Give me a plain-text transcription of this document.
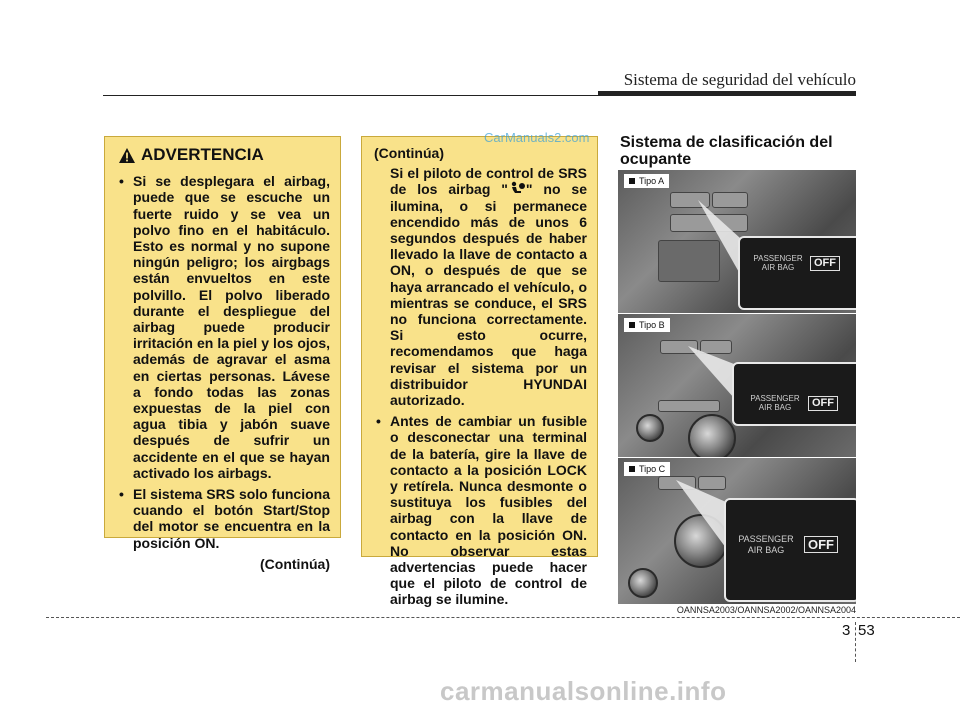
Sistema de seguridad del vehículo
ADVERTENCIA
• Si se desplegara el airbag, puede que se escuche un fuerte ruido y se vea un polvo fino en el habitáculo. Esto es normal y no supone ningún peligro; los airgbags están envueltos en este polvillo. El polvo liberado durante el despliegue del airbag puede producir irritación en la piel y los ojos, además de agravar el asma en ciertas personas. Lávese a fondo todas las zonas expuestas de la piel con agua tibia y jabón suave después de sufrir un accidente en el que se hayan activado los airbags.
• El sistema SRS solo funciona cuando el botón Start/Stop del motor se encuentra en la posición ON.
(Continúa)
(Continúa)
Si el piloto de control de SRS de los airbag " " no se ilumina, o si permanece encendido más de unos 6 segundos después de haber llevado la llave de contacto a ON, o después de que se haya arrancado el vehículo, o mientras se conduce, el SRS no funciona correctamente. Si esto ocurre, recomendamos que haga revisar el sistema por un distribuidor HYUNDAI autorizado.
• Antes de cambiar un fusible o desconectar una terminal de la batería, gire la llave de contacto a la posición LOCK y retírela. Nunca desmonte o sustituya los fusibles del airbag con la llave de contacto en la posición ON. No observar estas advertencias puede hacer que el piloto de control de airbag se ilumine.
Sistema de clasificación del ocupante
PASSENGER
AIR BAG	OFF
Tipo A
PASSENGER
AIR BAG	OFF
Tipo B
PASSENGER
AIR BAG	OFF
Tipo C
OANNSA2003/OANNSA2002/OANNSA2004
3 53
CarManuals2.com
carmanualsonline.info
